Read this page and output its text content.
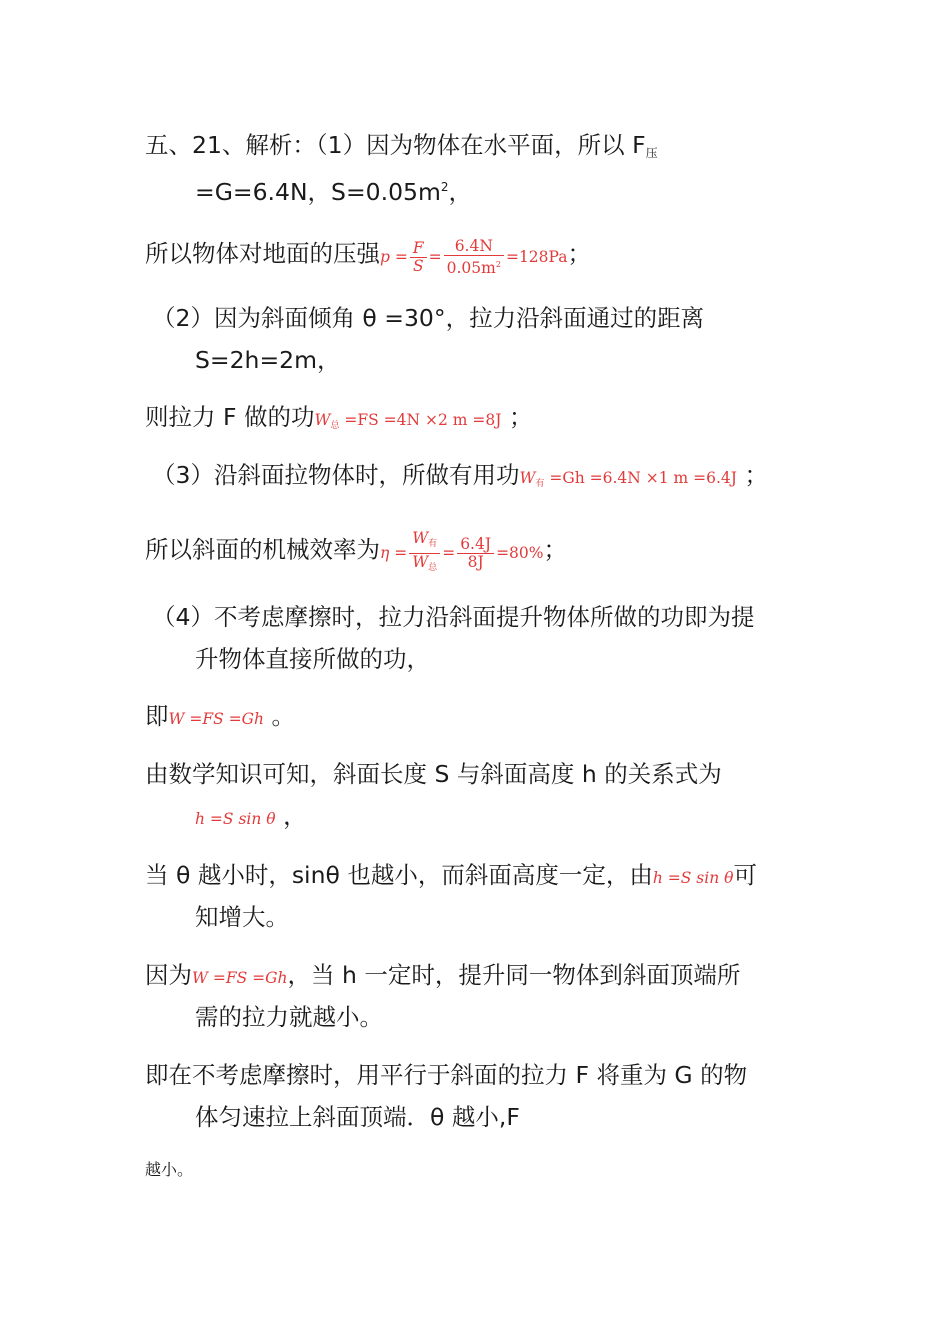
五、21、解析：（1）因为物体在水平面，所以 F压
=G=6.4N，$S=0.05m^2$，
所以物体对地面的压强$p = \frac{F}{S} = \frac{6.4N}{0.05m^2} =128Pa$；
（2）因为斜面倾角 θ =30°，拉力沿斜面通过的距离
S=2h=2m，
则拉力 F 做的功$W_总 =FS =4N \times 2$ m =8J ；
（3）沿斜面拉物体时，所做有用功$W_有 =Gh =6.4N \times 1$ m =6.4J ；
所以斜面的机械效率为$\eta = \frac{W_有}{W_总} = \frac{6.4J}{8J} =80\%$；
（4）不考虑摩擦时，拉力沿斜面提升物体所做的功即为提
升物体直接所做的功，
即W =FS =Gh 。
由数学知识可知，斜面长度 S 与斜面高度 h 的关系式为
h =S sin θ ，
当 θ 越小时，sinθ 也越小，而斜面高度一定，由h =S sin θ可
知增大。
因为W =FS =Gh，当 h 一定时，提升同一物体到斜面顶端所
需的拉力就越小。
即在不考虑摩擦时，用平行于斜面的拉力 F 将重为 G 的物
体匀速拉上斜面顶端．θ 越小,F
越小。
